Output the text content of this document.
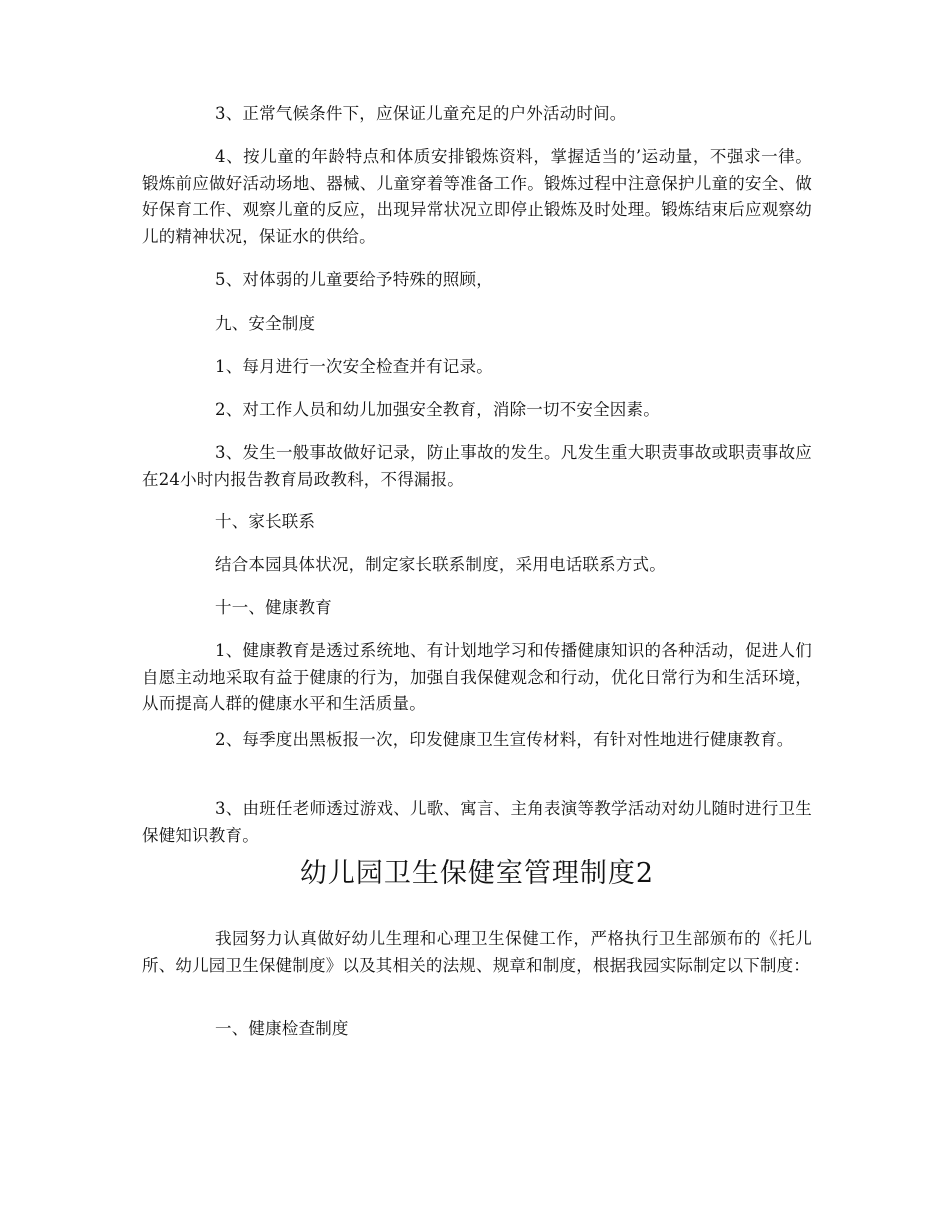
3、正常气候条件下，应保证儿童充足的户外活动时间。

4、按儿童的年龄特点和体质安排锻炼资料，掌握适当的’运动量，不强求一律。锻炼前应做好活动场地、器械、儿童穿着等准备工作。锻炼过程中注意保护儿童的安全、做好保育工作、观察儿童的反应，出现异常状况立即停止锻炼及时处理。锻炼结束后应观察幼儿的精神状况，保证水的供给。

5、对体弱的儿童要给予特殊的照顾，

九、安全制度

1、每月进行一次安全检查并有记录。

2、对工作人员和幼儿加强安全教育，消除一切不安全因素。

3、发生一般事故做好记录，防止事故的发生。凡发生重大职责事故或职责事故应在24小时内报告教育局政教科，不得漏报。

十、家长联系

结合本园具体状况，制定家长联系制度，采用电话联系方式。

十一、健康教育

1、健康教育是透过系统地、有计划地学习和传播健康知识的各种活动，促进人们自愿主动地采取有益于健康的行为，加强自我保健观念和行动，优化日常行为和生活环境，从而提高人群的健康水平和生活质量。

2、每季度出黑板报一次，印发健康卫生宣传材料，有针对性地进行健康教育。

3、由班任老师透过游戏、儿歌、寓言、主角表演等教学活动对幼儿随时进行卫生保健知识教育。

幼儿园卫生保健室管理制度2

我园努力认真做好幼儿生理和心理卫生保健工作，严格执行卫生部颁布的《托儿所、幼儿园卫生保健制度》以及其相关的法规、规章和制度，根据我园实际制定以下制度：

一、健康检查制度
